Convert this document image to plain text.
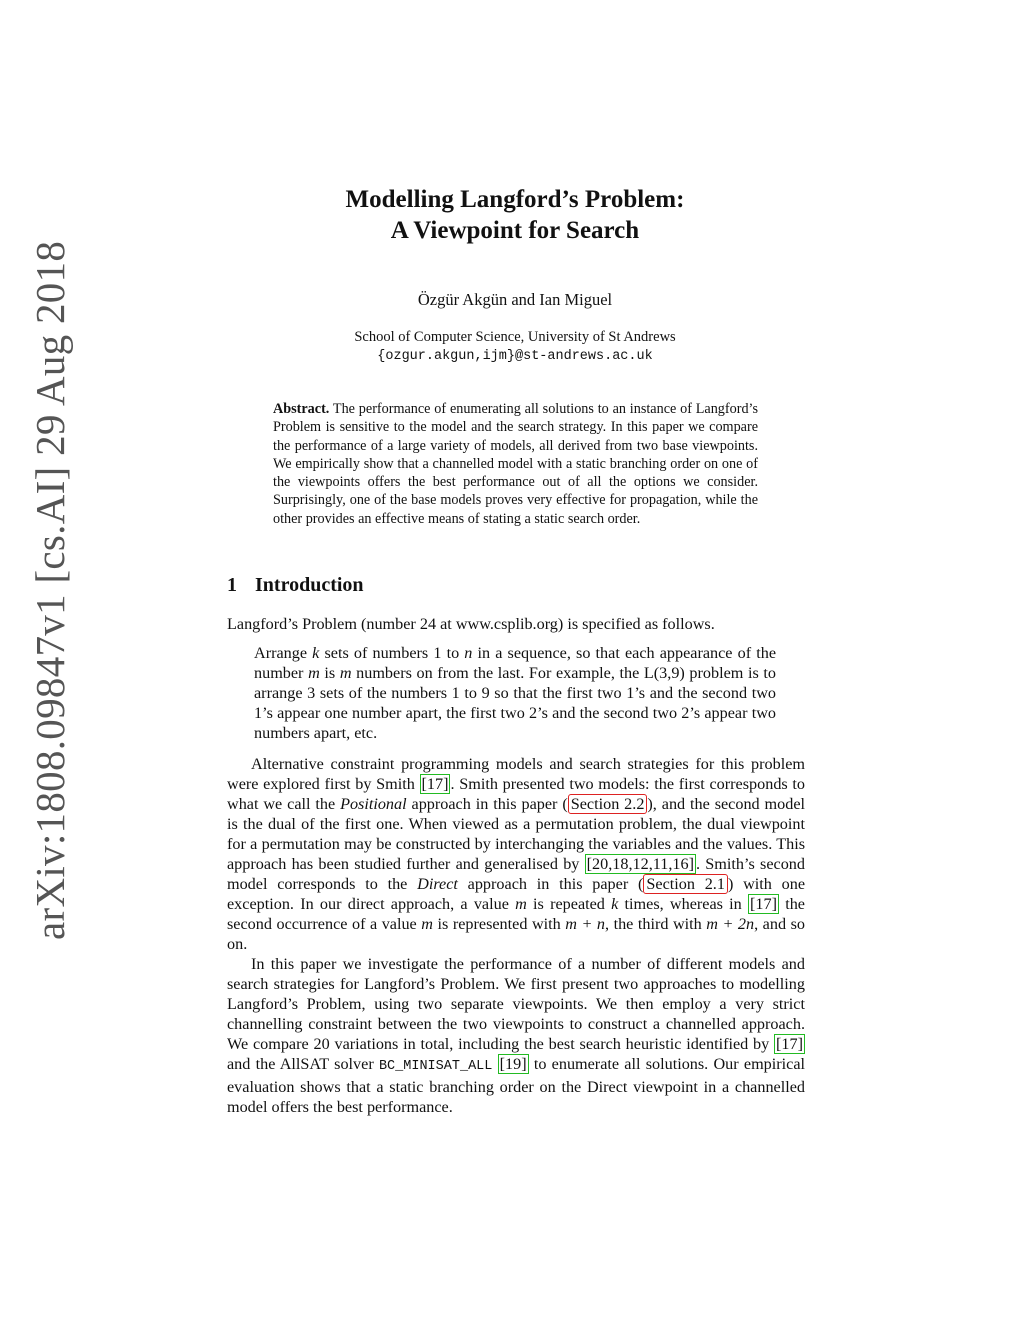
arXiv:1808.09847v1 [cs.AI] 29 Aug 2018
Modelling Langford’s Problem:
A Viewpoint for Search
Özgür Akgün and Ian Miguel
School of Computer Science, University of St Andrews
{ozgur.akgun,ijm}@st-andrews.ac.uk
Abstract. The performance of enumerating all solutions to an instance of Langford’s Problem is sensitive to the model and the search strategy. In this paper we compare the performance of a large variety of models, all derived from two base viewpoints. We empirically show that a channelled model with a static branching order on one of the viewpoints offers the best performance out of all the options we consider. Surprisingly, one of the base models proves very effective for propagation, while the other provides an effective means of stating a static search order.
1 Introduction
Langford’s Problem (number 24 at www.csplib.org) is specified as follows.
Arrange k sets of numbers 1 to n in a sequence, so that each appearance of the number m is m numbers on from the last. For example, the L(3,9) problem is to arrange 3 sets of the numbers 1 to 9 so that the first two 1’s and the second two 1’s appear one number apart, the first two 2’s and the second two 2’s appear two numbers apart, etc.
Alternative constraint programming models and search strategies for this problem were explored first by Smith [17] . Smith presented two models: the first corresponds to what we call the Positional approach in this paper ( Section 2.2 ), and the second model is the dual of the first one. When viewed as a permutation problem, the dual viewpoint for a permutation may be constructed by interchanging the variables and the values. This approach has been studied further and generalised by [20,18,12,11,16] . Smith’s second model corresponds to the Direct approach in this paper ( Section 2.1 ) with one exception. In our direct approach, a value m is repeated k times, whereas in [17] the second occurrence of a value m is represented with m + n, the third with m + 2n, and so on.
In this paper we investigate the performance of a number of different models and search strategies for Langford’s Problem. We first present two approaches to modelling Langford’s Problem, using two separate viewpoints. We then employ a very strict channelling constraint between the two viewpoints to construct a channelled approach. We compare 20 variations in total, including the best search heuristic identified by [17] and the AllSAT solver BC_MINISAT_ALL [19] to enumerate all solutions. Our empirical evaluation shows that a static branching order on the Direct viewpoint in a channelled model offers the best performance.
